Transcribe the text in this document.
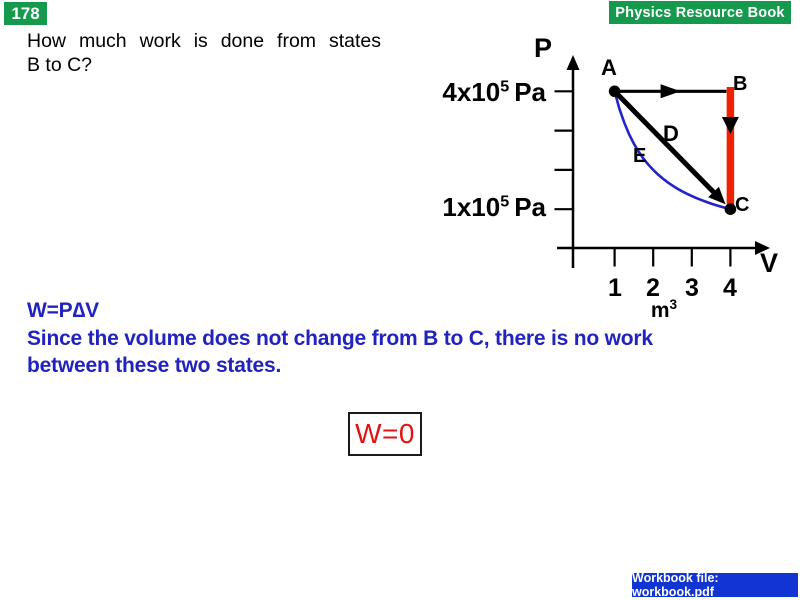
178	Physics Resource Book
How much work is done from states
B to C?
P
V
$4x10^5$ Pa
$1x10^5$ Pa
1 2	3 4
$m^3$
A
B
C
D
E
W=P∆V
Since the volume does not change from B to C, there is no work
between these two states.
W=0
Workbook file: workbook.pdf
